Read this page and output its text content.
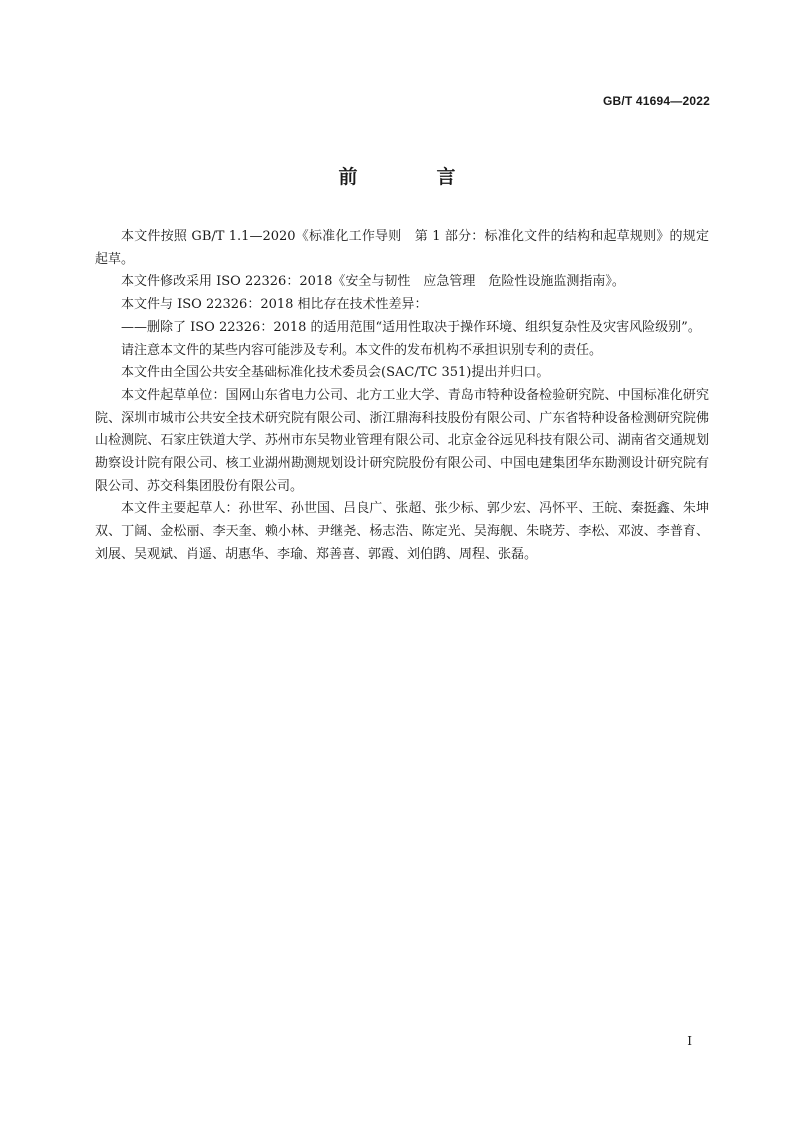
GB/T 41694—2022
前　言

本文件按照 GB/T 1.1—2020《标准化工作导则　第 1 部分：标准化文件的结构和起草规则》的规定起草。

本文件修改采用 ISO 22326：2018《安全与韧性　应急管理　危险性设施监测指南》。

本文件与 ISO 22326：2018 相比存在技术性差异：

——删除了 ISO 22326：2018 的适用范围“适用性取决于操作环境、组织复杂性及灾害风险级别”。

请注意本文件的某些内容可能涉及专利。本文件的发布机构不承担识别专利的责任。

本文件由全国公共安全基础标准化技术委员会(SAC/TC 351)提出并归口。

本文件起草单位：国网山东省电力公司、北方工业大学、青岛市特种设备检验研究院、中国标准化研究院、深圳市城市公共安全技术研究院有限公司、浙江鼎海科技股份有限公司、广东省特种设备检测研究院佛山检测院、石家庄铁道大学、苏州市东吴物业管理有限公司、北京金谷远见科技有限公司、湖南省交通规划勘察设计院有限公司、核工业湖州勘测规划设计研究院股份有限公司、中国电建集团华东勘测设计研究院有限公司、苏交科集团股份有限公司。

本文件主要起草人：孙世军、孙世国、吕良广、张超、张少标、郭少宏、冯怀平、王皖、秦挺鑫、朱坤双、丁阔、金松丽、李天奎、赖小林、尹继尧、杨志浩、陈定光、吴海舰、朱晓芳、李松、邓波、李普育、刘展、吴观斌、肖遥、胡惠华、李瑜、郑善喜、郭霞、刘伯鹍、周程、张磊。

I
